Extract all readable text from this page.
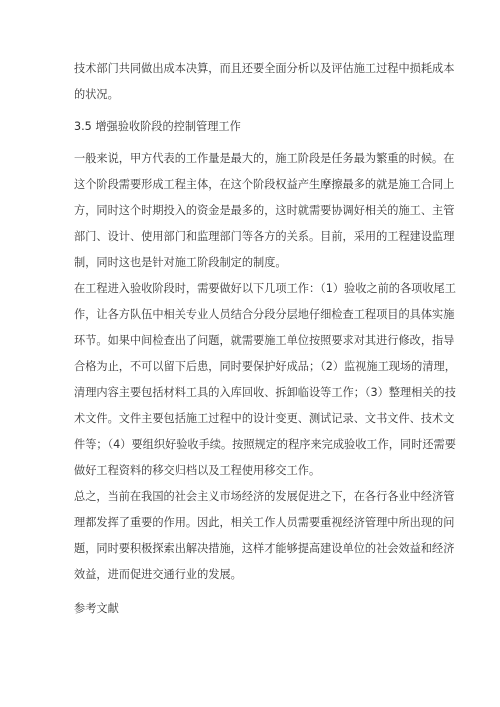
技术部门共同做出成本决算，而且还要全面分析以及评估施工过程中损耗成本
的状况。
3.5 增强验收阶段的控制管理工作
一般来说，甲方代表的工作量是最大的，施工阶段是任务最为繁重的时候。在
这个阶段需要形成工程主体，在这个阶段权益产生摩擦最多的就是施工合同上
方，同时这个时期投入的资金是最多的，这时就需要协调好相关的施工、主管
部门、设计、使用部门和监理部门等各方的关系。目前，采用的工程建设监理
制，同时这也是针对施工阶段制定的制度。
在工程进入验收阶段时，需要做好以下几项工作：（1）验收之前的各项收尾工
作，让各方队伍中相关专业人员结合分段分层地仔细检查工程项目的具体实施
环节。如果中间检查出了问题，就需要施工单位按照要求对其进行修改，指导
合格为止，不可以留下后患，同时要保护好成品；（2）监视施工现场的清理，
清理内容主要包括材料工具的入库回收、拆卸临设等工作；（3）整理相关的技
术文件。文件主要包括施工过程中的设计变更、测试记录、文书文件、技术文
件等；（4）要组织好验收手续。按照规定的程序来完成验收工作，同时还需要
做好工程资料的移交归档以及工程使用移交工作。
总之，当前在我国的社会主义市场经济的发展促进之下，在各行各业中经济管
理都发挥了重要的作用。因此，相关工作人员需要重视经济管理中所出现的问
题，同时要积极探索出解决措施，这样才能够提高建设单位的社会效益和经济
效益，进而促进交通行业的发展。
参考文献
